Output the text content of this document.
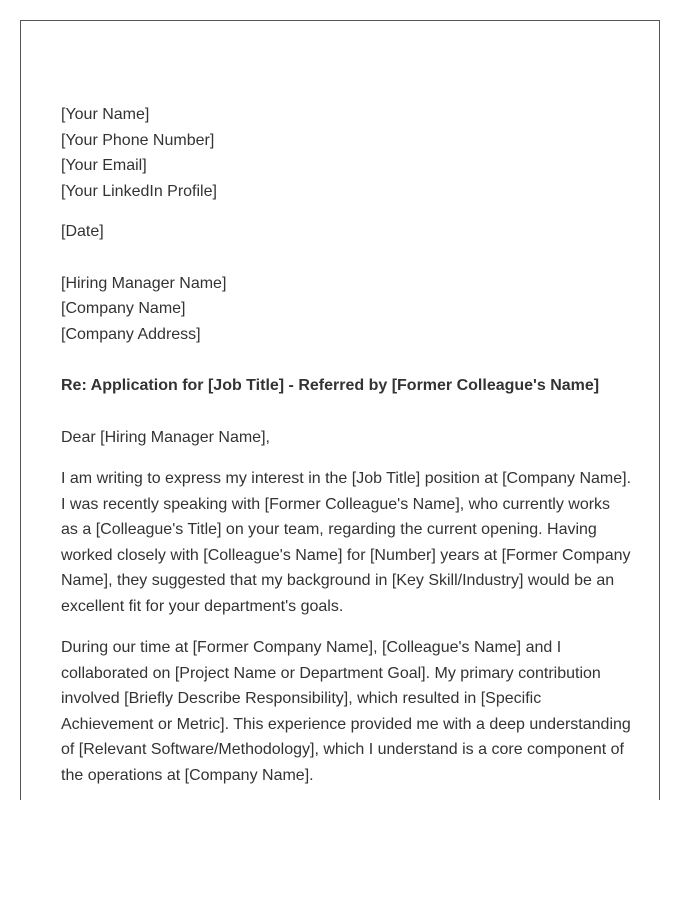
[Your Name]
[Your Phone Number]
[Your Email]
[Your LinkedIn Profile]
[Date]
[Hiring Manager Name]
[Company Name]
[Company Address]

Re: Application for [Job Title] - Referred by [Former Colleague's Name]

Dear [Hiring Manager Name],

I am writing to express my interest in the [Job Title] position at [Company Name]. I was recently speaking with [Former Colleague's Name], who currently works as a [Colleague's Title] on your team, regarding the current opening. Having worked closely with [Colleague's Name] for [Number] years at [Former Company Name], they suggested that my background in [Key Skill/Industry] would be an excellent fit for your department's goals.

During our time at [Former Company Name], [Colleague's Name] and I collaborated on [Project Name or Department Goal]. My primary contribution involved [Briefly Describe Responsibility], which resulted in [Specific Achievement or Metric]. This experience provided me with a deep understanding of [Relevant Software/Methodology], which I understand is a core component of the operations at [Company Name].
